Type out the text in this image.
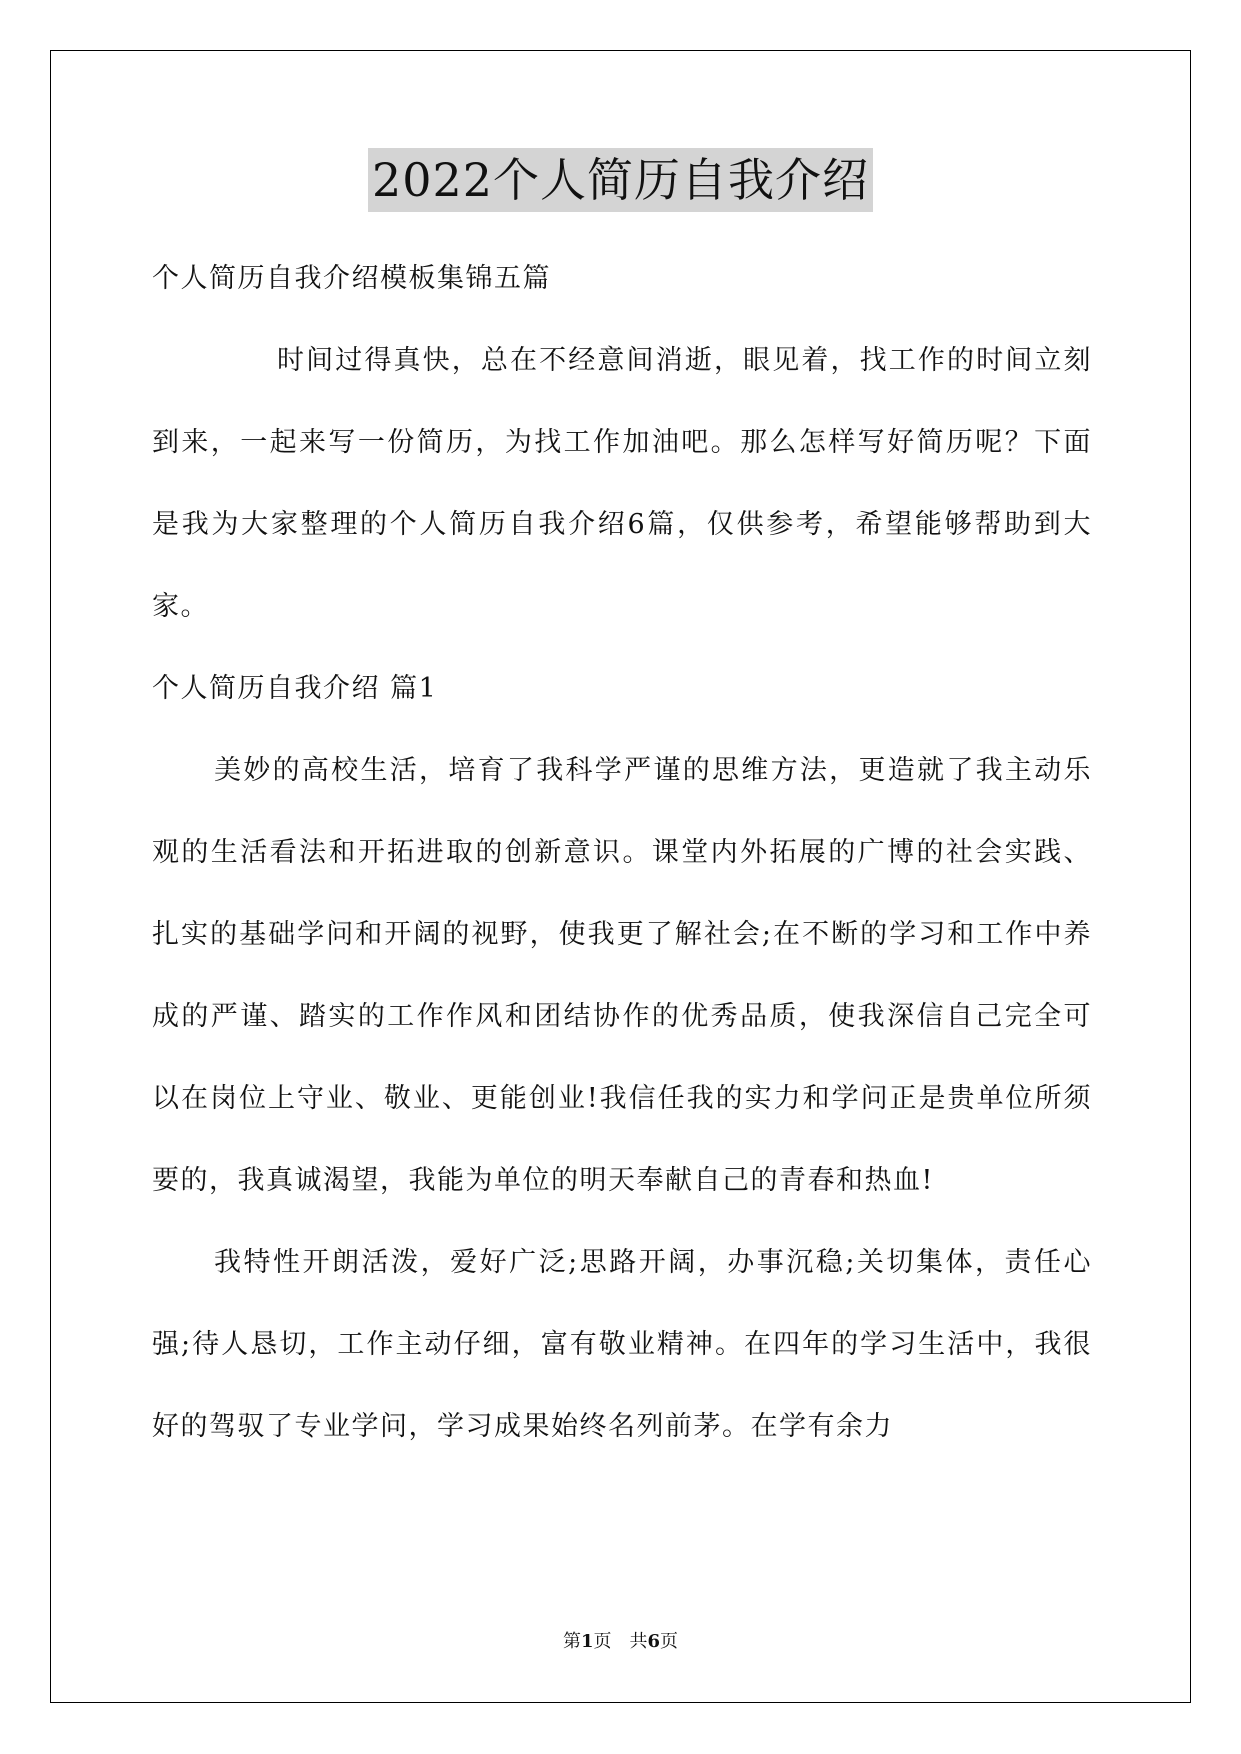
2022个人简历自我介绍

个人简历自我介绍模板集锦五篇

时间过得真快，总在不经意间消逝，眼见着，找工作的时间立刻到来，一起来写一份简历，为找工作加油吧。那么怎样写好简历呢？下面是我为大家整理的个人简历自我介绍6篇，仅供参考，希望能够帮助到大家。

个人简历自我介绍 篇1

美妙的高校生活，培育了我科学严谨的思维方法，更造就了我主动乐观的生活看法和开拓进取的创新意识。课堂内外拓展的广博的社会实践、扎实的基础学问和开阔的视野，使我更了解社会;在不断的学习和工作中养成的严谨、踏实的工作作风和团结协作的优秀品质，使我深信自己完全可以在岗位上守业、敬业、更能创业!我信任我的实力和学问正是贵单位所须要的，我真诚渴望，我能为单位的明天奉献自己的青春和热血!

我特性开朗活泼，爱好广泛;思路开阔，办事沉稳;关切集体，责任心强;待人恳切，工作主动仔细，富有敬业精神。在四年的学习生活中，我很好的驾驭了专业学问，学习成果始终名列前茅。在学有余力

第1页　共6页
